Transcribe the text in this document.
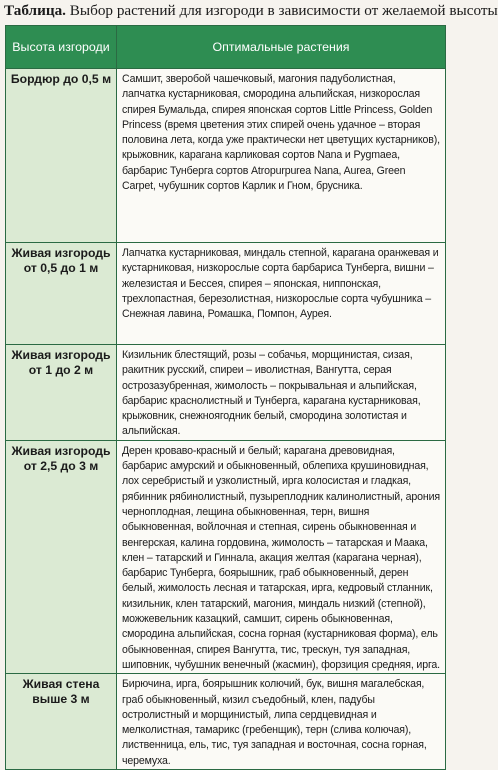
Таблица. Выбор растений для изгороди в зависимости от желаемой высоты
Высота изгороди	Оптимальные растения
Бордюр до 0,5 м	Самшит, зверобой чашечковый, магония падуболистная, лапчатка кустарниковая, смородина альпийская, низкорослая спирея Бумальда, спирея японская сортов Little Princess, Golden Princess (время цветения этих спирей очень удачное – вторая половина лета, когда уже практически нет цветущих кустарников), крыжовник, карагана карликовая сортов Nana и Pygmaea, барбарис Тунберга сортов Atropurpurea Nana, Aurea, Green Carpet, чубушник сортов Карлик и Гном, брусника.
Живая изгородь от 0,5 до 1 м	Лапчатка кустарниковая, миндаль степной, карагана оранжевая и кустарниковая, низкорослые сорта барбариса Тунберга, вишни – железистая и Бессея, спирея – японская, ниппонская, трехлопастная, березолистная, низкорослые сорта чубушника – Снежная лавина, Ромашка, Помпон, Аурея.
Живая изгородь от 1 до 2 м	Кизильник блестящий, розы – собачья, морщинистая, сизая, ракитник русский, спиреи – иволистная, Вангутта, серая острозазубренная, жимолость – покрывальная и альпийская, барбарис краснолистный и Тунберга, карагана кустарниковая, крыжовник, снежноягодник белый, смородина золотистая и альпийская.
Живая изгородь от 2,5 до 3 м	Дерен кроваво-красный и белый; карагана древовидная, барбарис амурский и обыкновенный, облепиха крушиновидная, лох серебристый и узколистный, ирга колосистая и гладкая, рябинник рябинолистный, пузыреплодник калинолистный, арония черноплодная, лещина обыкновенная, терн, вишня обыкновенная, войлочная и степная, сирень обыкновенная и венгерская, калина гордовина, жимолость – татарская и Маака, клен – татарский и Гиннала, акация желтая (карагана черная), барбарис Тунберга, боярышник, граб обыкновенный, дерен белый, жимолость лесная и татарская, ирга, кедровый стланник, кизильник, клен татарский, магония, миндаль низкий (степной), можжевельник казацкий, самшит, сирень обыкновенная, смородина альпийская, сосна горная (кустарниковая форма), ель обыкновенная, спирея Вангутта, тис, трескун, туя западная, шиповник, чубушник венечный (жасмин), форзиция средняя, ирга.
Живая стена выше 3 м	Бирючина, ирга, боярышник колючий, бук, вишня магалебская, граб обыкновенный, кизил съедобный, клен, падубы остролистный и морщинистый, липа сердцевидная и мелколистная, тамарикс (гребенщик), терн (слива колючая), лиственница, ель, тис, туя западная и восточная, сосна горная, черемуха.
